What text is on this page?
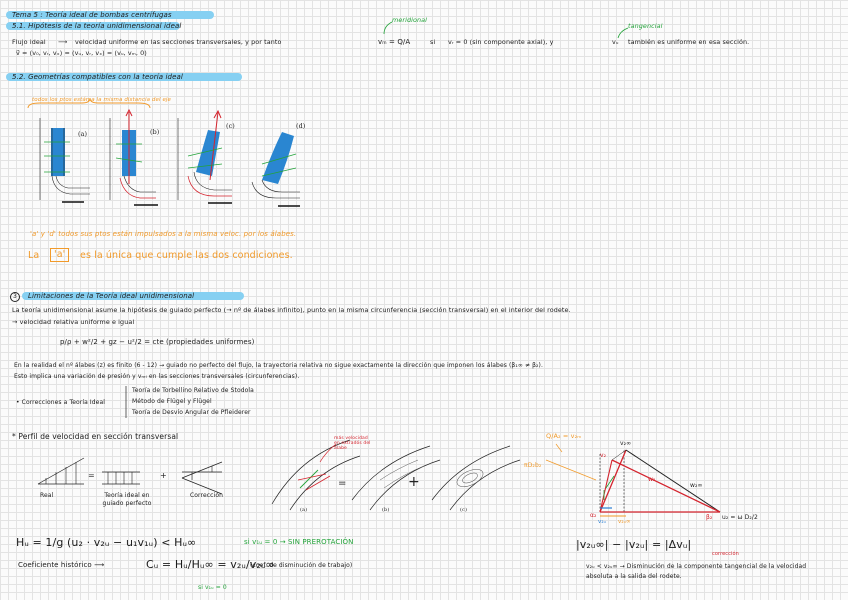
Tema 5 : Teoría ideal de bombas centrífugas
5.1. Hipótesis de la teoría unidimensional ideal
meridional
tangencial
Flujo ideal ⟶ velocidad uniforme en las secciones transversales, y por tanto	vₘ = Q/A	si vᵣ = 0 (sin componente axial), y	vᵤ también es uniforme en esa sección.
v⃗ = (v₀, vᵣ, vₓ) = (vᵤ, vᵣ, vₓ) = (vᵤ, vₘ, 0)
5.2. Geometrías compatibles con la teoría ideal
todos los ptos están a la misma distancia del eje
(a)	(b)
(c)	(d)
'a' y 'd' todos sus ptos están impulsados a la misma veloc. por los álabes.
La	'a'	es la única que cumple las dos condiciones.
3	Limitaciones de la Teoría ideal unidimensional
La teoría unidimensional asume la hipótesis de guiado perfecto (→ nº de álabes infinito), punto en la misma circunferencia (sección transversal) en el interior del rodete.
→ velocidad relativa uniforme e igual
p/ρ + w²/2 + gz − u²/2 = cte (propiedades uniformes)
En la realidad el nº álabes (z) es finito (6 - 12) → guiado no perfecto del flujo, la trayectoria relativa no sigue exactamente la dirección que imponen los álabes (β₁∞ ≠ β₂).
Esto implica una variación de presión y vᵣₑₗ en las secciones transversales (circunferencias).
• Correcciones a Teoría Ideal
Teoría de Torbellino Relativo de Stodola
Método de Flügel y Flügel
Teoría de Desvío Angular de Pfleiderer
* Perfil de velocidad en sección transversal
=	+
=	+
Real	Teoría ideal en guiado perfecto
Corrección
(a)	(b)	(c)
más velocidad en extradós del álabe
Hᵤ = 1/g (u₂ · v₂ᵤ − u₁v₁ᵤ) < Hᵤ∞	si v₁ᵤ = 0 → SIN PREROTACIÓN
Coeficiente histórico ⟶	Cᵤ = Hᵤ/Hᵤ∞ = v₂ᵤ/v₂ᵤ∞
(coef. de disminución de trabajo)
si v₁ᵤ = 0
Q/A₂ = v₂ₘ
πD₂b₂
v₂
v₂∞
w₂
w₂∞
α₂	β₂
v₂ᵤ v₂ᵤ∞
u₂ = ω D₂/2
|v₂ᵤ∞| − |v₂ᵤ| = |Δvᵤ|
corrección
v₂ᵤ < v₂ᵤ∞ → Disminución de la componente tangencial de la velocidad absoluta a la salida del rodete.
